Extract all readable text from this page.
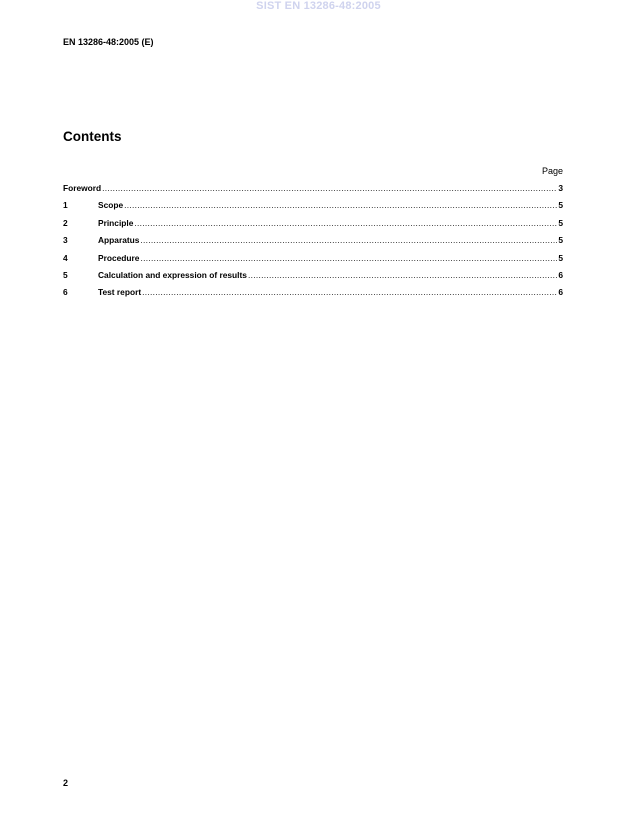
SIST EN 13286-48:2005
EN 13286-48:2005 (E)
Contents
Page
Foreword .....	3
1	Scope .....	5
2	Principle .....	5
3	Apparatus .....	5
4	Procedure .....	5
5	Calculation and expression of results .....	6
6	Test report .....	6
2
